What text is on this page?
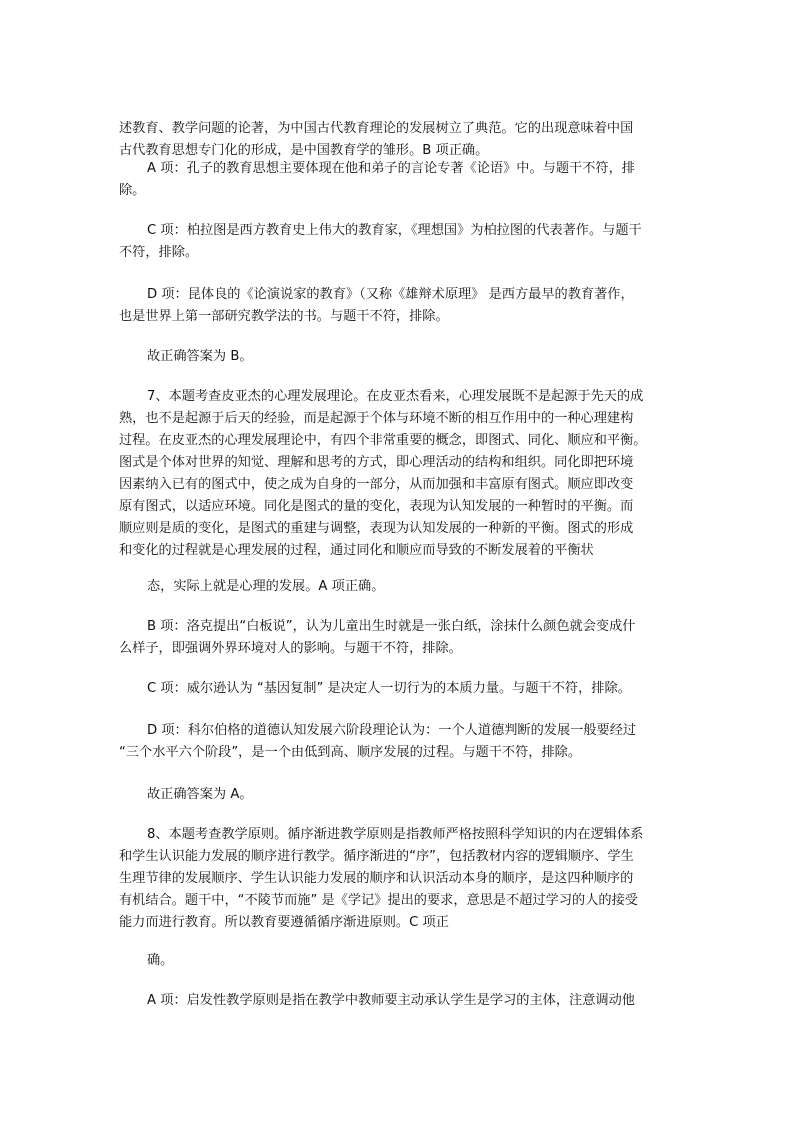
述教育、教学问题的论著，为中国古代教育理论的发展树立了典范。它的出现意味着中国
古代教育思想专门化的形成，是中国教育学的雏形。B 项正确。

A 项：孔子的教育思想主要体现在他和弟子的言论专著《论语》中。与题干不符，排

除。

C 项：柏拉图是西方教育史上伟大的教育家，《理想国》为柏拉图的代表著作。与题干

不符，排除。

D 项：昆体良的《论演说家的教育》（又称《雄辩术原理》 是西方最早的教育著作，

也是世界上第一部研究教学法的书。与题干不符，排除。

故正确答案为 B。

7、本题考查皮亚杰的心理发展理论。在皮亚杰看来，心理发展既不是起源于先天的成

熟，也不是起源于后天的经验，而是起源于个体与环境不断的相互作用中的一种心理建构
过程。在皮亚杰的心理发展理论中，有四个非常重要的概念，即图式、同化、顺应和平衡。
图式是个体对世界的知觉、理解和思考的方式，即心理活动的结构和组织。同化即把环境
因素纳入已有的图式中，使之成为自身的一部分，从而加强和丰富原有图式。顺应即改变
原有图式，以适应环境。同化是图式的量的变化，表现为认知发展的一种暂时的平衡。而
顺应则是质的变化，是图式的重建与调整，表现为认知发展的一种新的平衡。图式的形成
和变化的过程就是心理发展的过程，通过同化和顺应而导致的不断发展着的平衡状

态，实际上就是心理的发展。A 项正确。

B 项：洛克提出“白板说”，认为儿童出生时就是一张白纸，涂抹什么颜色就会变成什

么样子，即强调外界环境对人的影响。与题干不符，排除。

C 项：威尔逊认为 “基因复制” 是决定人一切行为的本质力量。与题干不符，排除。

D 项：科尔伯格的道德认知发展六阶段理论认为：一个人道德判断的发展一般要经过

“三个水平六个阶段”，是一个由低到高、顺序发展的过程。与题干不符，排除。

故正确答案为 A。

8、本题考查教学原则。循序渐进教学原则是指教师严格按照科学知识的内在逻辑体系

和学生认识能力发展的顺序进行教学。循序渐进的“序”，包括教材内容的逻辑顺序、学生
生理节律的发展顺序、学生认识能力发展的顺序和认识活动本身的顺序，是这四种顺序的
有机结合。题干中，“不陵节而施” 是《学记》提出的要求，意思是不超过学习的人的接受
能力而进行教育。所以教育要遵循循序渐进原则。C 项正

确。

A 项：启发性教学原则是指在教学中教师要主动承认学生是学习的主体，注意调动他
